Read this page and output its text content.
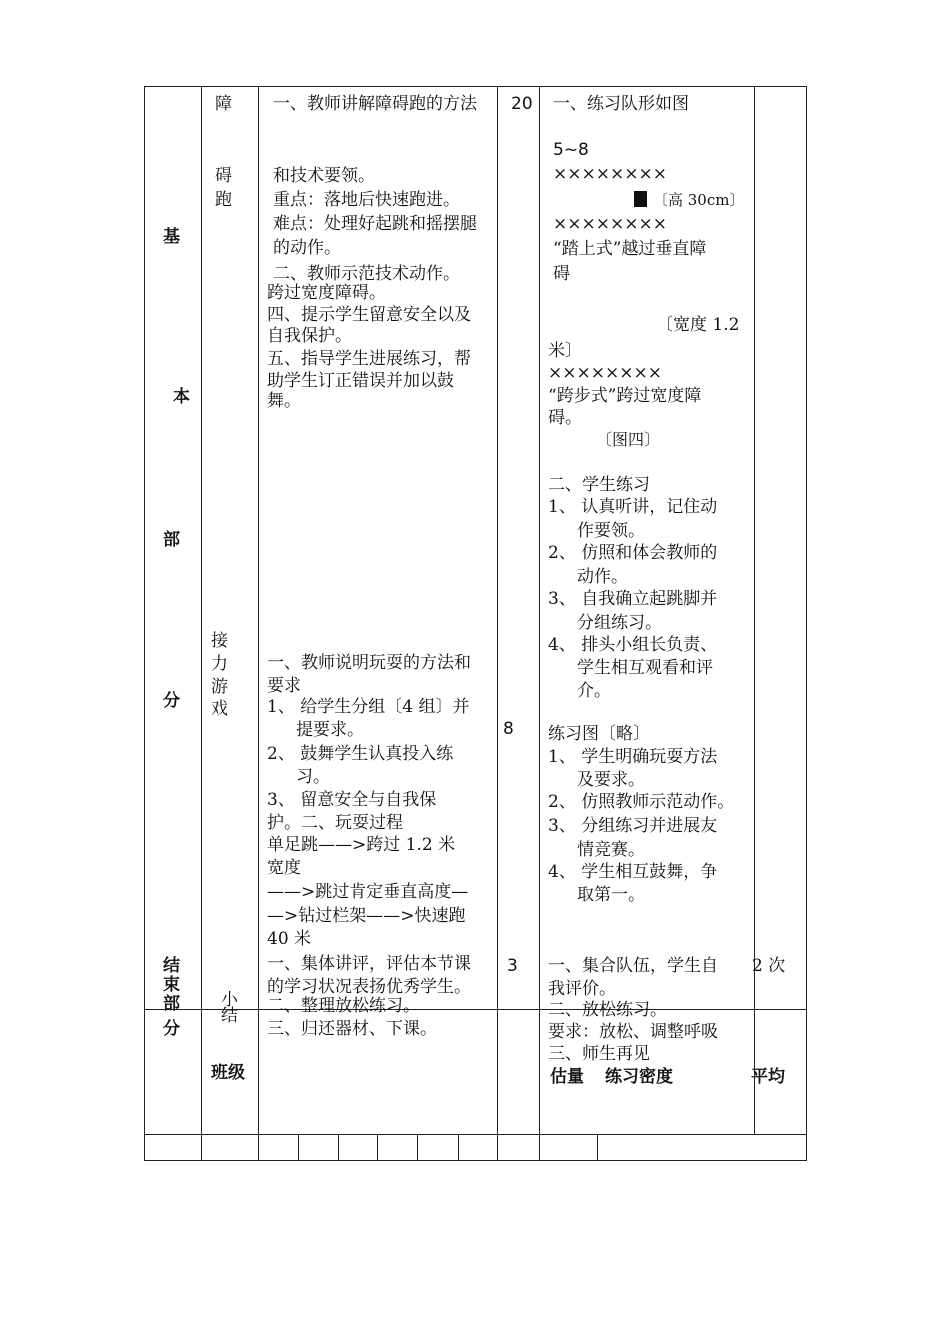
基
本
部
分
结
束
部
分
障
碍
跑
接
力
游
戏
小
结
班级
一、教师讲解障碍跑的方法
和技术要领。
重点：落地后快速跑进。
难点：处理好起跳和摇摆腿
的动作。
二、教师示范技术动作。
跨过宽度障碍。
四、提示学生留意安全以及
自我保护。
五、指导学生进展练习，帮
助学生订正错误并加以鼓
舞。
一、教师说明玩耍的方法和
要求
1、 给学生分组〔4 组〕并
提要求。
2、 鼓舞学生认真投入练
习。
3、 留意安全与自我保
护。二、玩耍过程
单足跳——>跨过 1.2 米
宽度
——>跳过肯定垂直高度—
—>钻过栏架——>快速跑
40 米
一、集体讲评，评估本节课
的学习状况表扬优秀学生。
二、整理放松练习。
三、归还器材、下课。
20
8
3
一、练习队形如图
5~8
××××××××
〔高 30cm〕
××××××××
“踏上式”越过垂直障
碍
〔宽度 1.2
米〕
××××××××
“跨步式”跨过宽度障
碍。
〔图四〕
二、学生练习
1、 认真听讲，记住动
作要领。
2、 仿照和体会教师的
动作。
3、 自我确立起跳脚并
分组练习。
4、 排头小组长负责、
学生相互观看和评
介。
练习图〔略〕
1、 学生明确玩耍方法
及要求。
2、 仿照教师示范动作。
3、 分组练习并进展友
情竞赛。
4、 学生相互鼓舞，争
取第一。
一、集合队伍，学生自
我评价。
二、放松练习。
要求：放松、调整呼吸
三、师生再见
2 次
估量 练习密度	平均
